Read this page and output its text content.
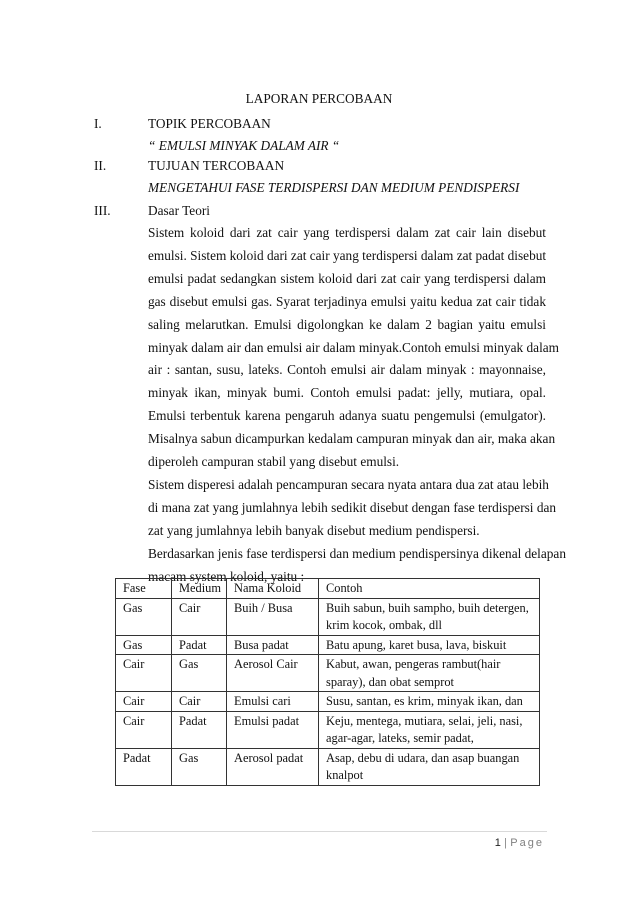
LAPORAN PERCOBAAN
I.	TOPIK PERCOBAAN
“ EMULSI MINYAK DALAM AIR “
II.	TUJUAN TERCOBAAN
MENGETAHUI FASE TERDISPERSI DAN MEDIUM PENDISPERSI
III.	Dasar Teori
Sistem koloid dari zat cair yang terdispersi dalam zat cair lain disebut
emulsi. Sistem koloid dari zat cair yang terdispersi dalam zat padat disebut
emulsi padat sedangkan sistem koloid dari zat cair yang terdispersi dalam
gas disebut emulsi gas. Syarat terjadinya emulsi yaitu kedua zat cair tidak
saling melarutkan. Emulsi digolongkan ke dalam 2 bagian yaitu emulsi
minyak dalam air dan emulsi air dalam minyak.Contoh emulsi minyak dalam
air : santan, susu, lateks. Contoh emulsi air dalam minyak : mayonnaise,
minyak ikan, minyak bumi. Contoh emulsi padat: jelly, mutiara, opal.
Emulsi terbentuk karena pengaruh adanya suatu pengemulsi (emulgator).
Misalnya sabun dicampurkan kedalam campuran minyak dan air, maka akan
diperoleh campuran stabil yang disebut emulsi.
Sistem disperesi adalah pencampuran secara nyata antara dua zat atau lebih
di mana zat yang jumlahnya lebih sedikit disebut dengan fase terdispersi dan
zat yang jumlahnya lebih banyak disebut medium pendispersi.
Berdasarkan jenis fase terdispersi dan medium pendispersinya dikenal delapan
macam system koloid, yaitu :
Fase	Medium	Nama Koloid	Contoh
Gas	Cair	Buih / Busa	Buih sabun, buih sampho, buih detergen, krim kocok, ombak, dll
Gas	Padat	Busa padat	Batu apung, karet busa, lava, biskuit
Cair	Gas	Aerosol Cair	Kabut, awan, pengeras rambut(hair sparay), dan obat semprot
Cair	Cair	Emulsi cari	Susu, santan, es krim, minyak ikan, dan
Cair	Padat	Emulsi padat	Keju, mentega, mutiara, selai, jeli, nasi, agar-agar, lateks, semir padat,
Padat	Gas	Aerosol padat	Asap, debu di udara, dan asap buangan knalpot
1 | Page
